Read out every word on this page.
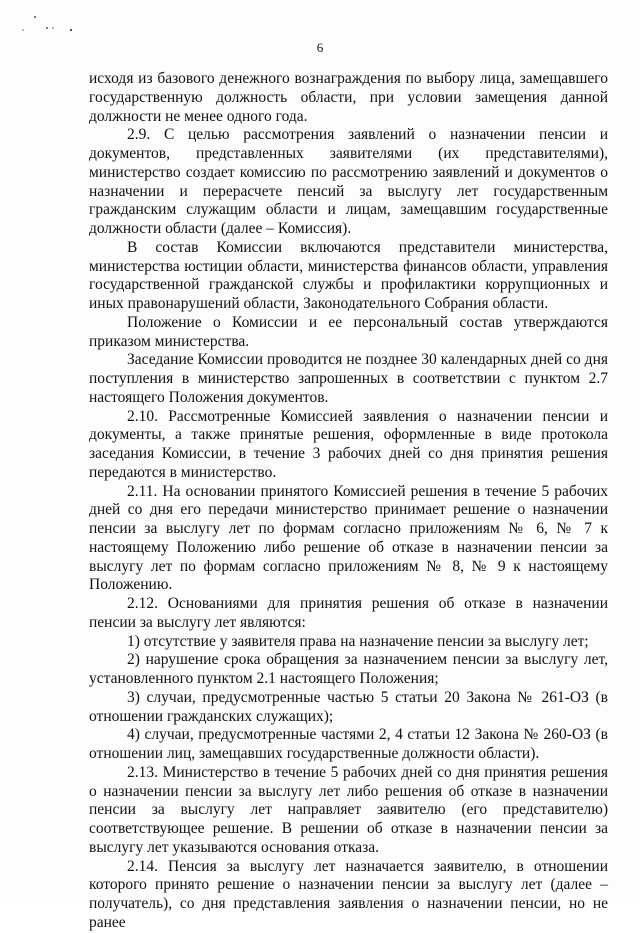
6

исходя из базового денежного вознаграждения по выбору лица, замещавшего государственную должность области, при условии замещения данной должности не менее одного года.

2.9. С целью рассмотрения заявлений о назначении пенсии и документов, представленных заявителями (их представителями), министерство создает комиссию по рассмотрению заявлений и документов о назначении и перерасчете пенсий за выслугу лет государственным гражданским служащим области и лицам, замещавшим государственные должности области (далее – Комиссия).

В состав Комиссии включаются представители министерства, министерства юстиции области, министерства финансов области, управления государственной гражданской службы и профилактики коррупционных и иных правонарушений области, Законодательного Собрания области.

Положение о Комиссии и ее персональный состав утверждаются приказом министерства.

Заседание Комиссии проводится не позднее 30 календарных дней со дня поступления в министерство запрошенных в соответствии с пунктом 2.7 настоящего Положения документов.

2.10. Рассмотренные Комиссией заявления о назначении пенсии и документы, а также принятые решения, оформленные в виде протокола заседания Комиссии, в течение 3 рабочих дней со дня принятия решения передаются в министерство.

2.11. На основании принятого Комиссией решения в течение 5 рабочих дней со дня его передачи министерство принимает решение о назначении пенсии за выслугу лет по формам согласно приложениям № 6, № 7 к настоящему Положению либо решение об отказе в назначении пенсии за выслугу лет по формам согласно приложениям № 8, № 9 к настоящему Положению.

2.12. Основаниями для принятия решения об отказе в назначении пенсии за выслугу лет являются:

1) отсутствие у заявителя права на назначение пенсии за выслугу лет;

2) нарушение срока обращения за назначением пенсии за выслугу лет, установленного пунктом 2.1 настоящего Положения;

3) случаи, предусмотренные частью 5 статьи 20 Закона № 261-ОЗ (в отношении гражданских служащих);

4) случаи, предусмотренные частями 2, 4 статьи 12 Закона № 260-ОЗ (в отношении лиц, замещавших государственные должности области).

2.13. Министерство в течение 5 рабочих дней со дня принятия решения о назначении пенсии за выслугу лет либо решения об отказе в назначении пенсии за выслугу лет направляет заявителю (его представителю) соответствующее решение. В решении об отказе в назначении пенсии за выслугу лет указываются основания отказа.

2.14. Пенсия за выслугу лет назначается заявителю, в отношении которого принято решение о назначении пенсии за выслугу лет (далее – получатель), со дня представления заявления о назначении пенсии, но не ранее
